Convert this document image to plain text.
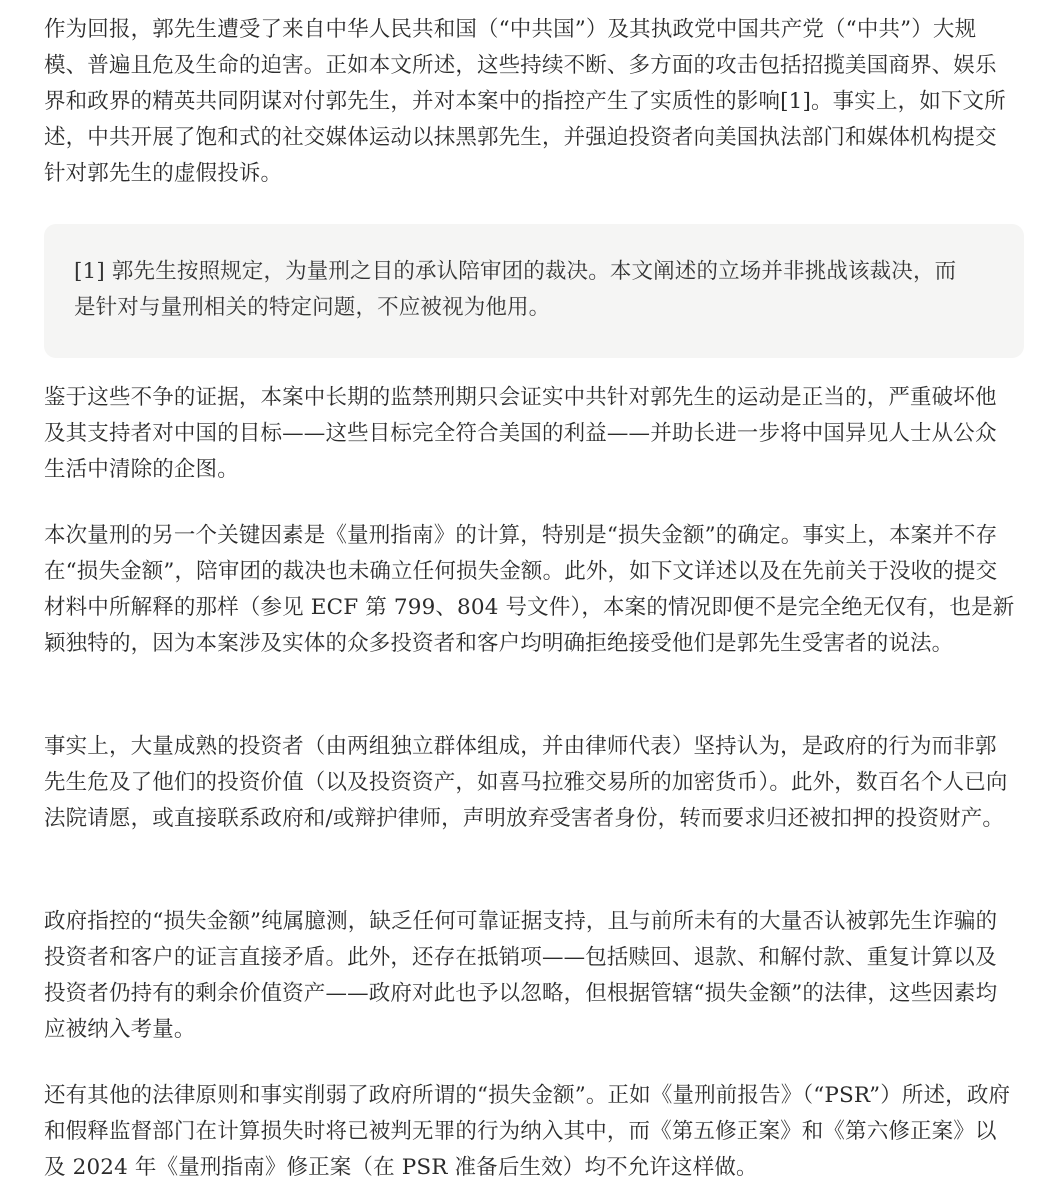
作为回报，郭先生遭受了来自中华人民共和国（“中共国”）及其执政党中国共产党（“中共”）大规模、普遍且危及生命的迫害。正如本文所述，这些持续不断、多方面的攻击包括招揽美国商界、娱乐界和政界的精英共同阴谋对付郭先生，并对本案中的指控产生了实质性的影响[1]。事实上，如下文所述，中共开展了饱和式的社交媒体运动以抹黑郭先生，并强迫投资者向美国执法部门和媒体机构提交针对郭先生的虚假投诉。

[1] 郭先生按照规定，为量刑之目的承认陪审团的裁决。本文阐述的立场并非挑战该裁决，而是针对与量刑相关的特定问题，不应被视为他用。

鉴于这些不争的证据，本案中长期的监禁刑期只会证实中共针对郭先生的运动是正当的，严重破坏他及其支持者对中国的目标——这些目标完全符合美国的利益——并助长进一步将中国异见人士从公众生活中清除的企图。

本次量刑的另一个关键因素是《量刑指南》的计算，特别是“损失金额”的确定。事实上，本案并不存在“损失金额”，陪审团的裁决也未确立任何损失金额。此外，如下文详述以及在先前关于没收的提交材料中所解释的那样（参见 ECF 第 799、804 号文件），本案的情况即便不是完全绝无仅有，也是新颖独特的，因为本案涉及实体的众多投资者和客户均明确拒绝接受他们是郭先生受害者的说法。

事实上，大量成熟的投资者（由两组独立群体组成，并由律师代表）坚持认为，是政府的行为而非郭先生危及了他们的投资价值（以及投资资产，如喜马拉雅交易所的加密货币）。此外，数百名个人已向法院请愿，或直接联系政府和/或辩护律师，声明放弃受害者身份，转而要求归还被扣押的投资财产。

政府指控的“损失金额”纯属臆测，缺乏任何可靠证据支持，且与前所未有的大量否认被郭先生诈骗的投资者和客户的证言直接矛盾。此外，还存在抵销项——包括赎回、退款、和解付款、重复计算以及投资者仍持有的剩余价值资产——政府对此也予以忽略，但根据管辖“损失金额”的法律，这些因素均应被纳入考量。

还有其他的法律原则和事实削弱了政府所谓的“损失金额”。正如《量刑前报告》（“PSR”）所述，政府和假释监督部门在计算损失时将已被判无罪的行为纳入其中，而《第五修正案》和《第六修正案》以及 2024 年《量刑指南》修正案（在 PSR 准备后生效）均不允许这样做。
